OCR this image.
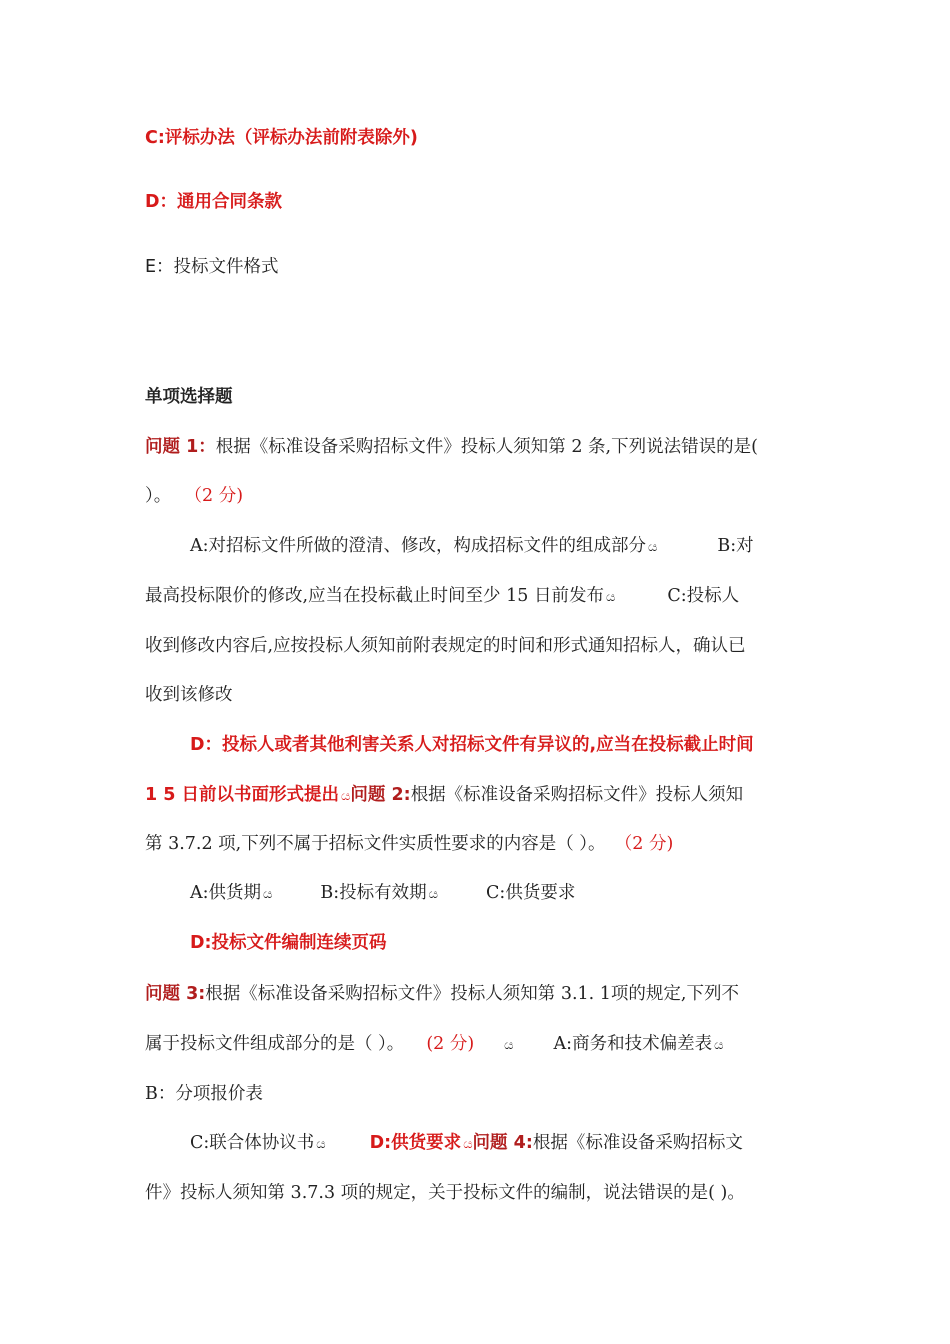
C:评标办法（评标办法前附表除外)
D：通用合同条款
E：投标文件格式
单项选择题
问题 1：根据《标准设备采购招标文件》投标人须知第 2 条,下列说法错误的是(
）。 （2 分)
A:对招标文件所做的澄清、修改，构成招标文件的组成部分 ය	B:对
最高投标限价的修改,应当在投标截止时间至少 15 日前发布 ය	C:投标人
收到修改内容后,应按投标人须知前附表规定的时间和形式通知招标人，确认已
收到该修改
D：投标人或者其他利害关系人对招标文件有异议的,应当在投标截止时间
1 5 日前以书面形式提出 ය问题 2:根据《标准设备采购招标文件》投标人须知
第 3.7.2 项,下列不属于招标文件实质性要求的内容是（ ）。 （2 分)
A:供货期 ය	B:投标有效期 ය	C:供货要求
D:投标文件编制连续页码
问题 3:根据《标准设备采购招标文件》投标人须知第 3.1. 1项的规定,下列不
属于投标文件组成部分的是（ ）。 (2 分) ය A:商务和技术偏差表 ය
B：分项报价表
C:联合体协议书 ය	D:供货要求 ය问题 4:根据《标准设备采购招标文
件》投标人须知第 3.7.3 项的规定，关于投标文件的编制，说法错误的是( )。
